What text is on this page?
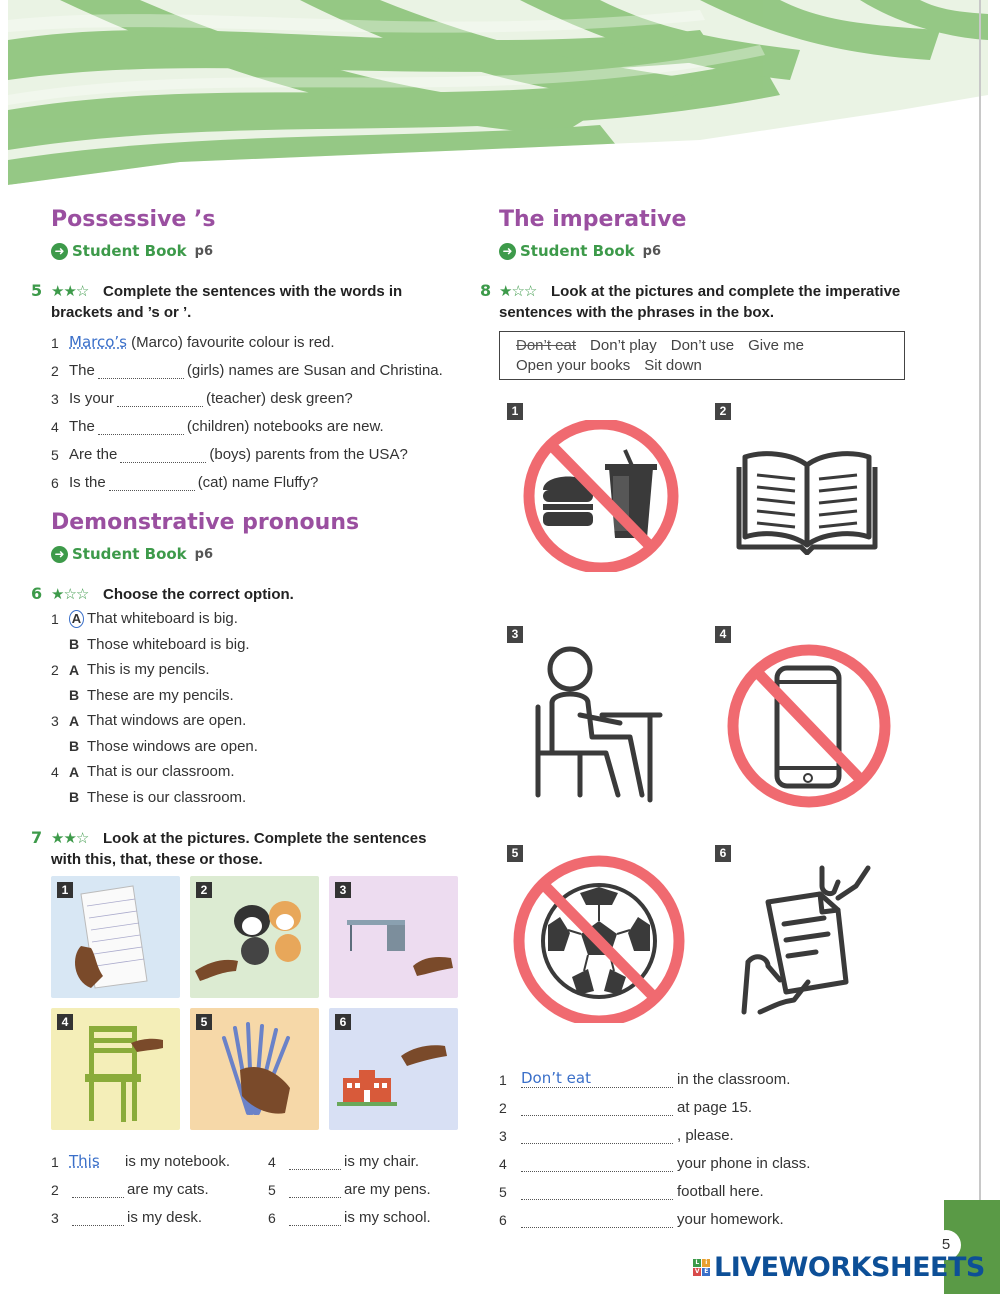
Possessive ’s
➜ Student Book p6
5 ★★☆ Complete the sentences with the words in
brackets and ’s or ’.
1 Marco’s
(Marco) favourite colour is red.
2 The	(girls) names are Susan and Christina.
3 Is your	(teacher) desk green?
4 The	(children) notebooks are new.
5 Are the	(boys) parents from the USA?
6 Is the	(cat) name Fluffy?
Demonstrative pronouns
➜ Student Book p6
6 ★☆☆ Choose the correct option.
1	A That whiteboard is big.
B Those whiteboard is big.
2 A This is my pencils.
B These are my pencils.
3 A That windows are open.
B Those windows are open.
4 A That is our classroom.
B These is our classroom.
7 ★★☆ Look at the pictures. Complete the sentences
with this, that, these or those.
1	2	3
4	5	6
1 This	is my notebook.
2	are my cats.
3	is my desk.
4	is my chair.
5	are my pens.
6	is my school.
The imperative
➜ Student Book p6
8 ★☆☆ Look at the pictures and complete the imperative
sentences with the phrases in the box.
Don’t eat Don’t play Don’t use Give me
Open your books Sit down
1	2
3	4
5	6
1 Don’t eat	in the classroom.
2	at page 15.
3	, please.
4	your phone in class.
5	football here.
6	your homework.
5
L	i
V E LIVEWORKSHEETS
